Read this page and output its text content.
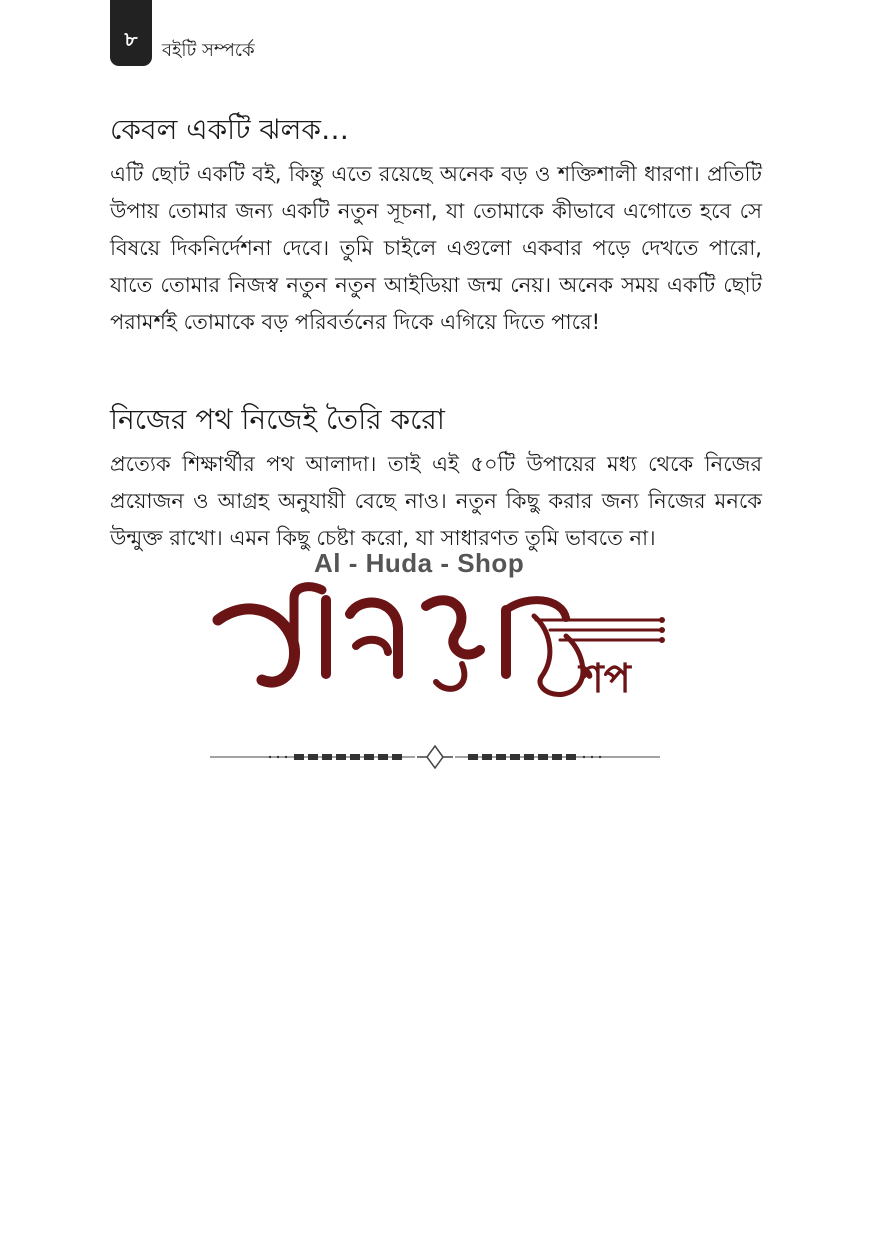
৮ বইটি সম্পর্কে
কেবল একটি ঝলক…

এটি ছোট একটি বই, কিন্তু এতে রয়েছে অনেক বড় ও শক্তিশালী ধারণা। প্রতিটি উপায় তোমার জন্য একটি নতুন সূচনা, যা তোমাকে কীভাবে এগোতে হবে সে বিষয়ে দিকনির্দেশনা দেবে। তুমি চাইলে এগুলো একবার পড়ে দেখতে পারো, যাতে তোমার নিজস্ব নতুন নতুন আইডিয়া জন্ম নেয়। অনেক সময় একটি ছোট পরামর্শই তোমাকে বড় পরিবর্তনের দিকে এগিয়ে দিতে পারে!

নিজের পথ নিজেই তৈরি করো

প্রত্যেক শিক্ষার্থীর পথ আলাদা। তাই এই ৫০টি উপায়ের মধ্য থেকে নিজের প্রয়োজন ও আগ্রহ অনুযায়ী বেছে নাও। নতুন কিছু করার জন্য নিজের মনকে উন্মুক্ত রাখো। এমন কিছু চেষ্টা করো, যা সাধারণত তুমি ভাবতে না।

Al - Huda - Shop
শপ
